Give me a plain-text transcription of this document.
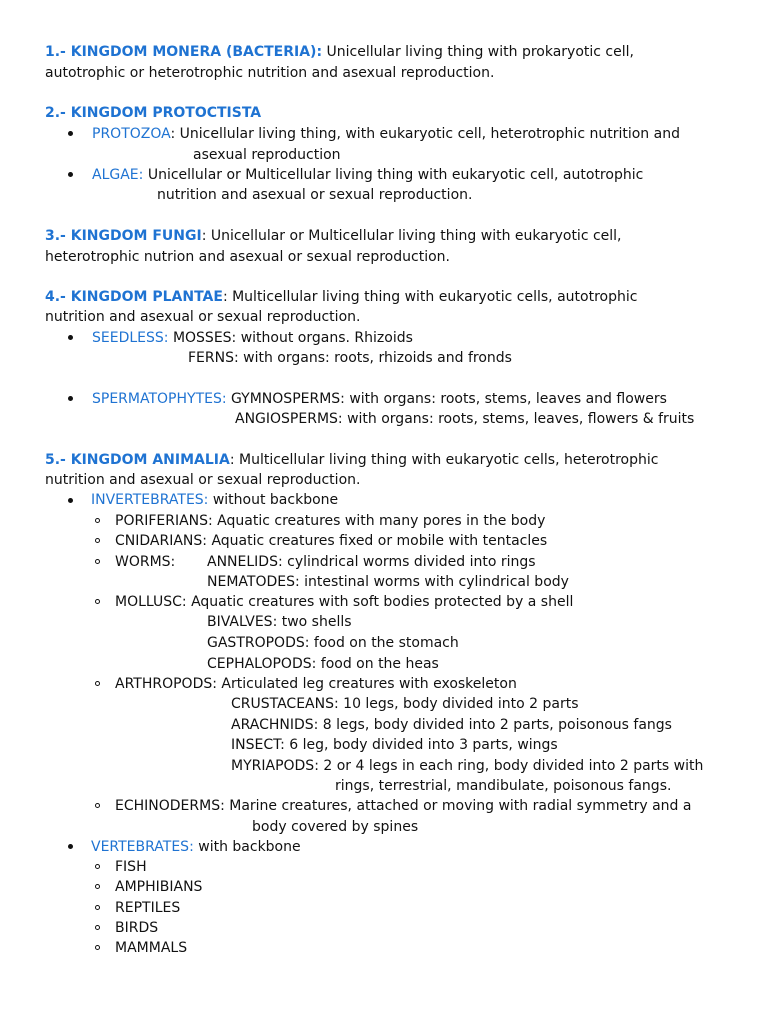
1.- KINGDOM MONERA (BACTERIA): Unicellular living thing with prokaryotic cell,
autotrophic or heterotrophic nutrition and asexual reproduction.
2.- KINGDOM PROTOCTISTA
PROTOZOA: Unicellular living thing, with eukaryotic cell, heterotrophic nutrition and
asexual reproduction
ALGAE: Unicellular or Multicellular living thing with eukaryotic cell, autotrophic
nutrition and asexual or sexual reproduction.
3.- KINGDOM FUNGI: Unicellular or Multicellular living thing with eukaryotic cell,
heterotrophic nutrion and asexual or sexual reproduction.
4.- KINGDOM PLANTAE: Multicellular living thing with eukaryotic cells, autotrophic
nutrition and asexual or sexual reproduction.
SEEDLESS: MOSSES: without organs. Rhizoids
FERNS: with organs: roots, rhizoids and fronds
SPERMATOPHYTES: GYMNOSPERMS: with organs: roots, stems, leaves and flowers
ANGIOSPERMS: with organs: roots, stems, leaves, flowers & fruits
5.- KINGDOM ANIMALIA: Multicellular living thing with eukaryotic cells, heterotrophic
nutrition and asexual or sexual reproduction.
INVERTEBRATES: without backbone
PORIFERIANS: Aquatic creatures with many pores in the body
CNIDARIANS: Aquatic creatures fixed or mobile with tentacles
WORMS: ANNELIDS: cylindrical worms divided into rings
NEMATODES: intestinal worms with cylindrical body
MOLLUSC: Aquatic creatures with soft bodies protected by a shell
BIVALVES: two shells
GASTROPODS: food on the stomach
CEPHALOPODS: food on the heas
ARTHROPODS: Articulated leg creatures with exoskeleton
CRUSTACEANS: 10 legs, body divided into 2 parts
ARACHNIDS: 8 legs, body divided into 2 parts, poisonous fangs
INSECT: 6 leg, body divided into 3 parts, wings
MYRIAPODS: 2 or 4 legs in each ring, body divided into 2 parts with
rings, terrestrial, mandibulate, poisonous fangs.
ECHINODERMS: Marine creatures, attached or moving with radial symmetry and a
body covered by spines
VERTEBRATES: with backbone
FISH
AMPHIBIANS
REPTILES
BIRDS
MAMMALS
